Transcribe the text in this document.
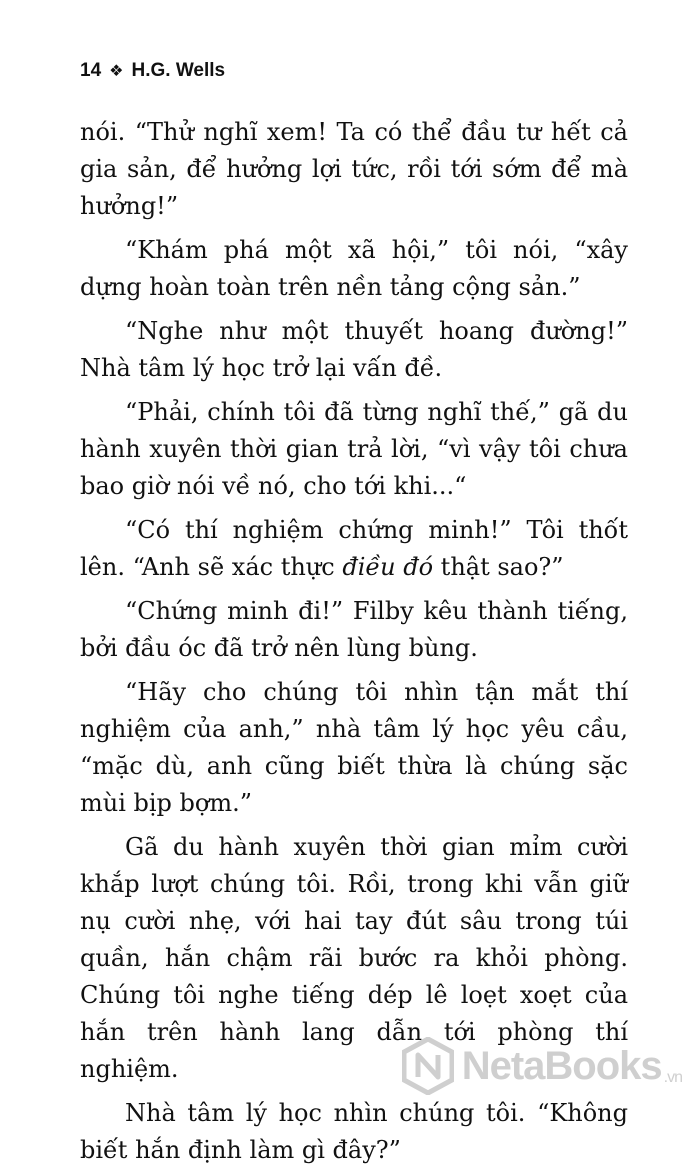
14 ❖ H.G. Wells

nói. “Thử nghĩ xem! Ta có thể đầu tư hết cả gia sản, để hưởng lợi tức, rồi tới sớm để mà hưởng!”

“Khám phá một xã hội,” tôi nói, “xây dựng hoàn toàn trên nền tảng cộng sản.”

“Nghe như một thuyết hoang đường!” Nhà tâm lý học trở lại vấn đề.

“Phải, chính tôi đã từng nghĩ thế,” gã du hành xuyên thời gian trả lời, “vì vậy tôi chưa bao giờ nói về nó, cho tới khi...“

“Có thí nghiệm chứng minh!” Tôi thốt lên. “Anh sẽ xác thực điều đó thật sao?”

“Chứng minh đi!” Filby kêu thành tiếng, bởi đầu óc đã trở nên lùng bùng.

“Hãy cho chúng tôi nhìn tận mắt thí nghiệm của anh,” nhà tâm lý học yêu cầu, “mặc dù, anh cũng biết thừa là chúng sặc mùi bịp bợm.”

Gã du hành xuyên thời gian mỉm cười khắp lượt chúng tôi. Rồi, trong khi vẫn giữ nụ cười nhẹ, với hai tay đút sâu trong túi quần, hắn chậm rãi bước ra khỏi phòng. Chúng tôi nghe tiếng dép lê loẹt xoẹt của hắn trên hành lang dẫn tới phòng thí nghiệm.

Nhà tâm lý học nhìn chúng tôi. “Không biết hắn định làm gì đây?”

NetaBooks .vn
